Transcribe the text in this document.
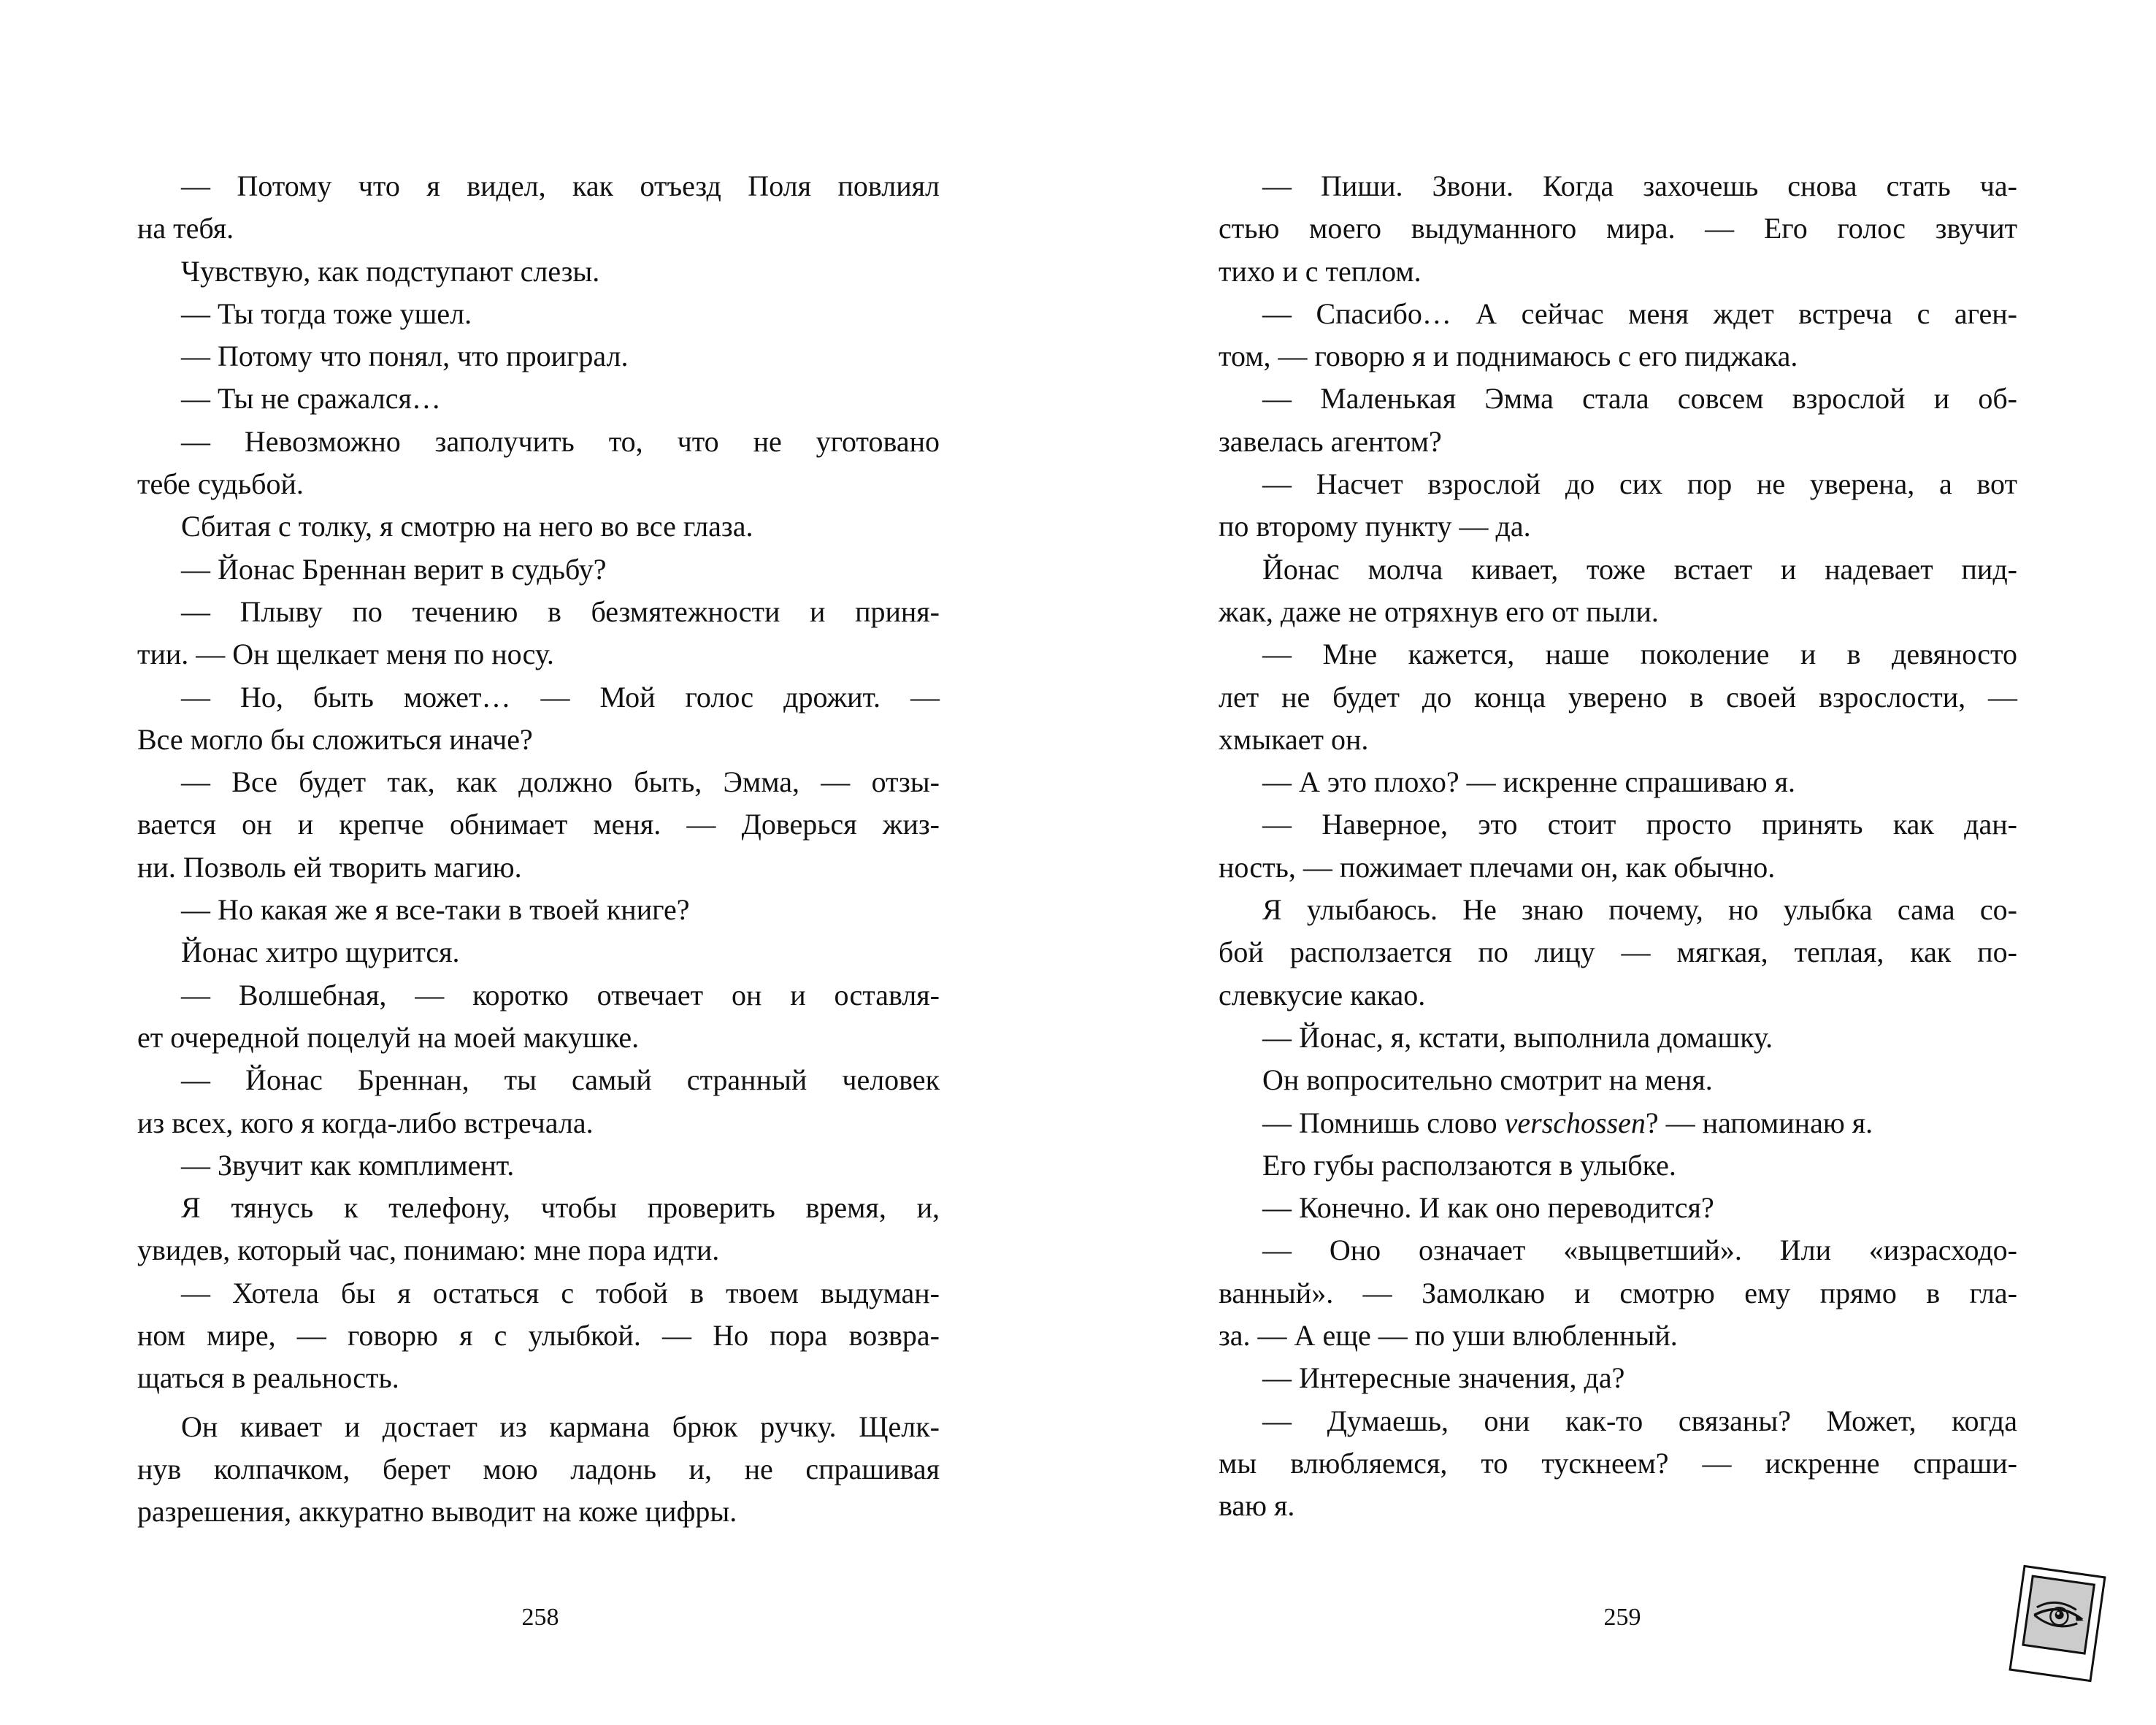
— Потому что я видел, как отъезд Поля повлиял
на тебя.
Чувствую, как подступают слезы.
— Ты тогда тоже ушел.
— Потому что понял, что проиграл.
— Ты не сражался…
— Невозможно заполучить то, что не уготовано
тебе судьбой.
Сбитая с толку, я смотрю на него во все глаза.
— Йонас Бреннан верит в судьбу?
— Плыву по течению в безмятежности и приня-
тии. — Он щелкает меня по носу.
— Но, быть может… — Мой голос дрожит. —
Все могло бы сложиться иначе?
— Все будет так, как должно быть, Эмма, — отзы-
вается он и крепче обнимает меня. — Доверься жиз-
ни. Позволь ей творить магию.
— Но какая же я все-таки в твоей книге?
Йонас хитро щурится.
— Волшебная, — коротко отвечает он и оставля-
ет очередной поцелуй на моей макушке.
— Йонас Бреннан, ты самый странный человек
из всех, кого я когда-либо встречала.
— Звучит как комплимент.
Я тянусь к телефону, чтобы проверить время, и,
увидев, который час, понимаю: мне пора идти.
— Хотела бы я остаться с тобой в твоем выдуман-
ном мире, — говорю я с улыбкой. — Но пора возвра-
щаться в реальность.
Он кивает и достает из кармана брюк ручку. Щелк-
нув колпачком, берет мою ладонь и, не спрашивая
разрешения, аккуратно выводит на коже цифры.
— Пиши. Звони. Когда захочешь снова стать ча-
стью моего выдуманного мира. — Его голос звучит
тихо и с теплом.
— Спасибо… А сейчас меня ждет встреча с аген-
том, — говорю я и поднимаюсь с его пиджака.
— Маленькая Эмма стала совсем взрослой и об-
завелась агентом?
— Насчет взрослой до сих пор не уверена, а вот
по второму пункту — да.
Йонас молча кивает, тоже встает и надевает пид-
жак, даже не отряхнув его от пыли.
— Мне кажется, наше поколение и в девяносто
лет не будет до конца уверено в своей взрослости, —
хмыкает он.
— А это плохо? — искренне спрашиваю я.
— Наверное, это стоит просто принять как дан-
ность, — пожимает плечами он, как обычно.
Я улыбаюсь. Не знаю почему, но улыбка сама со-
бой расползается по лицу — мягкая, теплая, как по-
слевкусие какао.
— Йонас, я, кстати, выполнила домашку.
Он вопросительно смотрит на меня.
— Помнишь слово verschossen? — напоминаю я.
Его губы расползаются в улыбке.
— Конечно. И как оно переводится?
— Оно означает «выцветший». Или «израсходо-
ванный». — Замолкаю и смотрю ему прямо в гла-
за. — А еще — по уши влюбленный.
— Интересные значения, да?
— Думаешь, они как-то связаны? Может, когда
мы влюбляемся, то тускнеем? — искренне спраши-
ваю я.
258	259
